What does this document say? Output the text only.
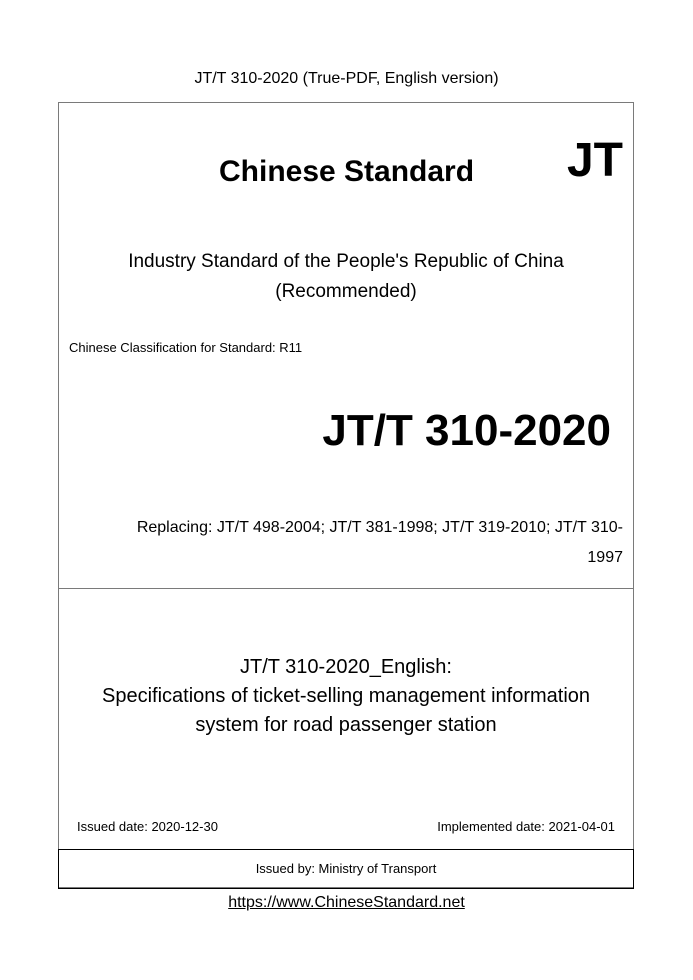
JT/T 310-2020 (True-PDF, English version)
Chinese Standard JT
Industry Standard of the People's Republic of China
(Recommended)
Chinese Classification for Standard: R11
JT/T 310-2020
Replacing: JT/T 498-2004; JT/T 381-1998; JT/T 319-2010; JT/T 310-
1997
JT/T 310-2020_English:
Specifications of ticket-selling management information
system for road passenger station
Issued date: 2020-12-30	Implemented date: 2021-04-01
Issued by: Ministry of Transport
https://www.ChineseStandard.net
